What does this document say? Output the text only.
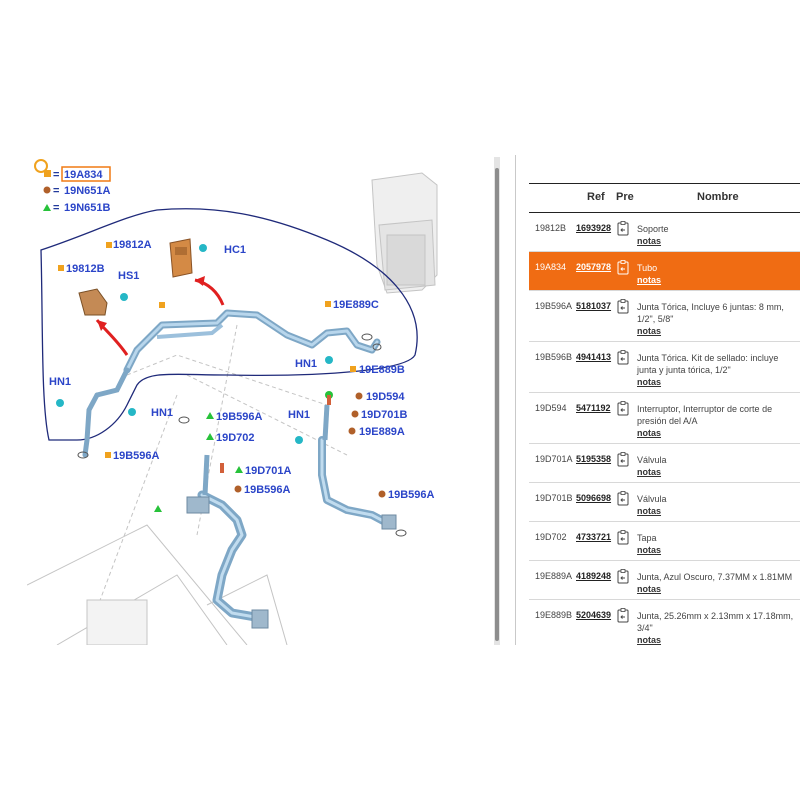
= 19A834
= 19N651A
= 19N651B
19812A	HC1
19812B
HS1
19E889C
HN1	19E889B
HN1
HN1	19B596A
19D702
19D701A
19B596A
19B596A
HN1
19D594
19D701B
19E889A
19B596A
Ref Pre	Nombre
19812B 1693928	Soporte
notas
19A834 2057978	Tubo
notas
19B596A 5181037	Junta Tórica, Incluye 6 juntas: 8 mm, 1/2", 5/8"
notas
19B596B 4941413	Junta Tórica. Kit de sellado: incluye junta y junta tórica, 1/2"
notas
19D594 5471192	Interruptor, Interruptor de corte de presión del A/A
notas
19D701A 5195358	Válvula
notas
19D701B 5096698	Válvula
notas
19D702 4733721	Tapa
notas
19E889A 4189248	Junta, Azul Oscuro, 7.37MM x 1.81MM
notas
19E889B 5204639	Junta, 25.26mm x 2.13mm x 17.18mm, 3/4"
notas
